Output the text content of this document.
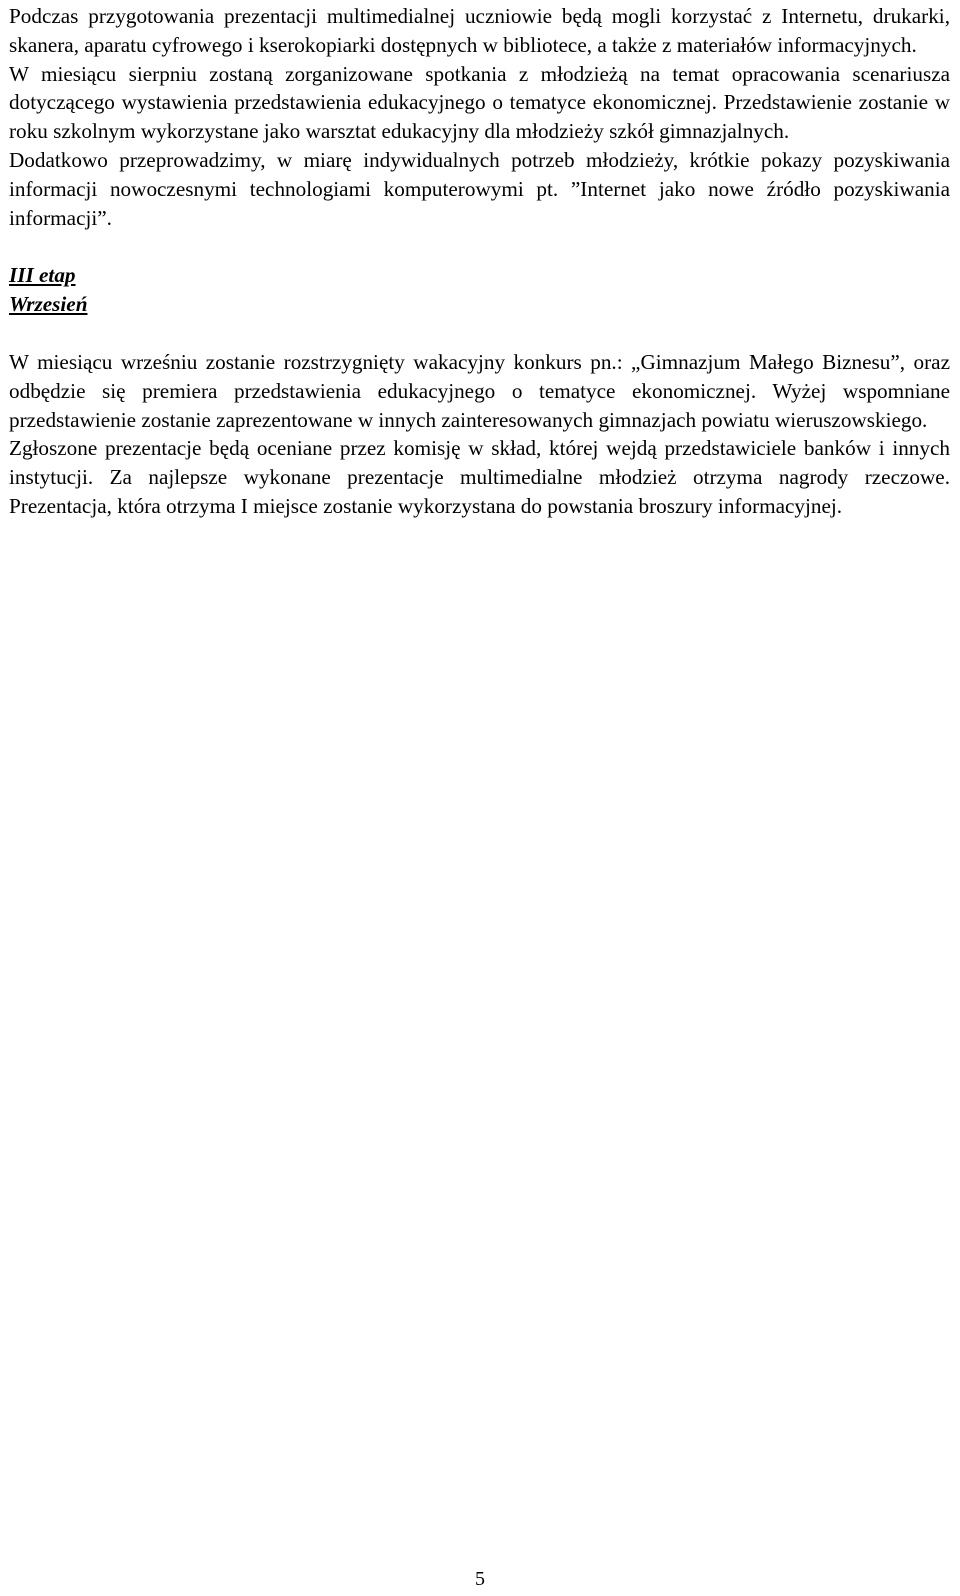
Podczas przygotowania prezentacji multimedialnej uczniowie będą mogli korzystać z Internetu, drukarki, skanera, aparatu cyfrowego i kserokopiarki dostępnych w bibliotece, a także z materiałów informacyjnych.

W miesiącu sierpniu zostaną zorganizowane spotkania z młodzieżą na temat opracowania scenariusza dotyczącego wystawienia przedstawienia edukacyjnego o tematyce ekonomicznej. Przedstawienie zostanie w roku szkolnym wykorzystane jako warsztat edukacyjny dla młodzieży szkół gimnazjalnych.

Dodatkowo przeprowadzimy, w miarę indywidualnych potrzeb młodzieży, krótkie pokazy pozyskiwania informacji nowoczesnymi technologiami komputerowymi pt. ”Internet jako nowe źródło pozyskiwania informacji”.

III etap

Wrzesień

W miesiącu wrześniu zostanie rozstrzygnięty wakacyjny konkurs pn.: „Gimnazjum Małego Biznesu”, oraz odbędzie się premiera przedstawienia edukacyjnego o tematyce ekonomicznej. Wyżej wspomniane przedstawienie zostanie zaprezentowane w innych zainteresowanych gimnazjach powiatu wieruszowskiego.

Zgłoszone prezentacje będą oceniane przez komisję w skład, której wejdą przedstawiciele banków i innych instytucji. Za najlepsze wykonane prezentacje multimedialne młodzież otrzyma nagrody rzeczowe. Prezentacja, która otrzyma I miejsce zostanie wykorzystana do powstania broszury informacyjnej.

5
